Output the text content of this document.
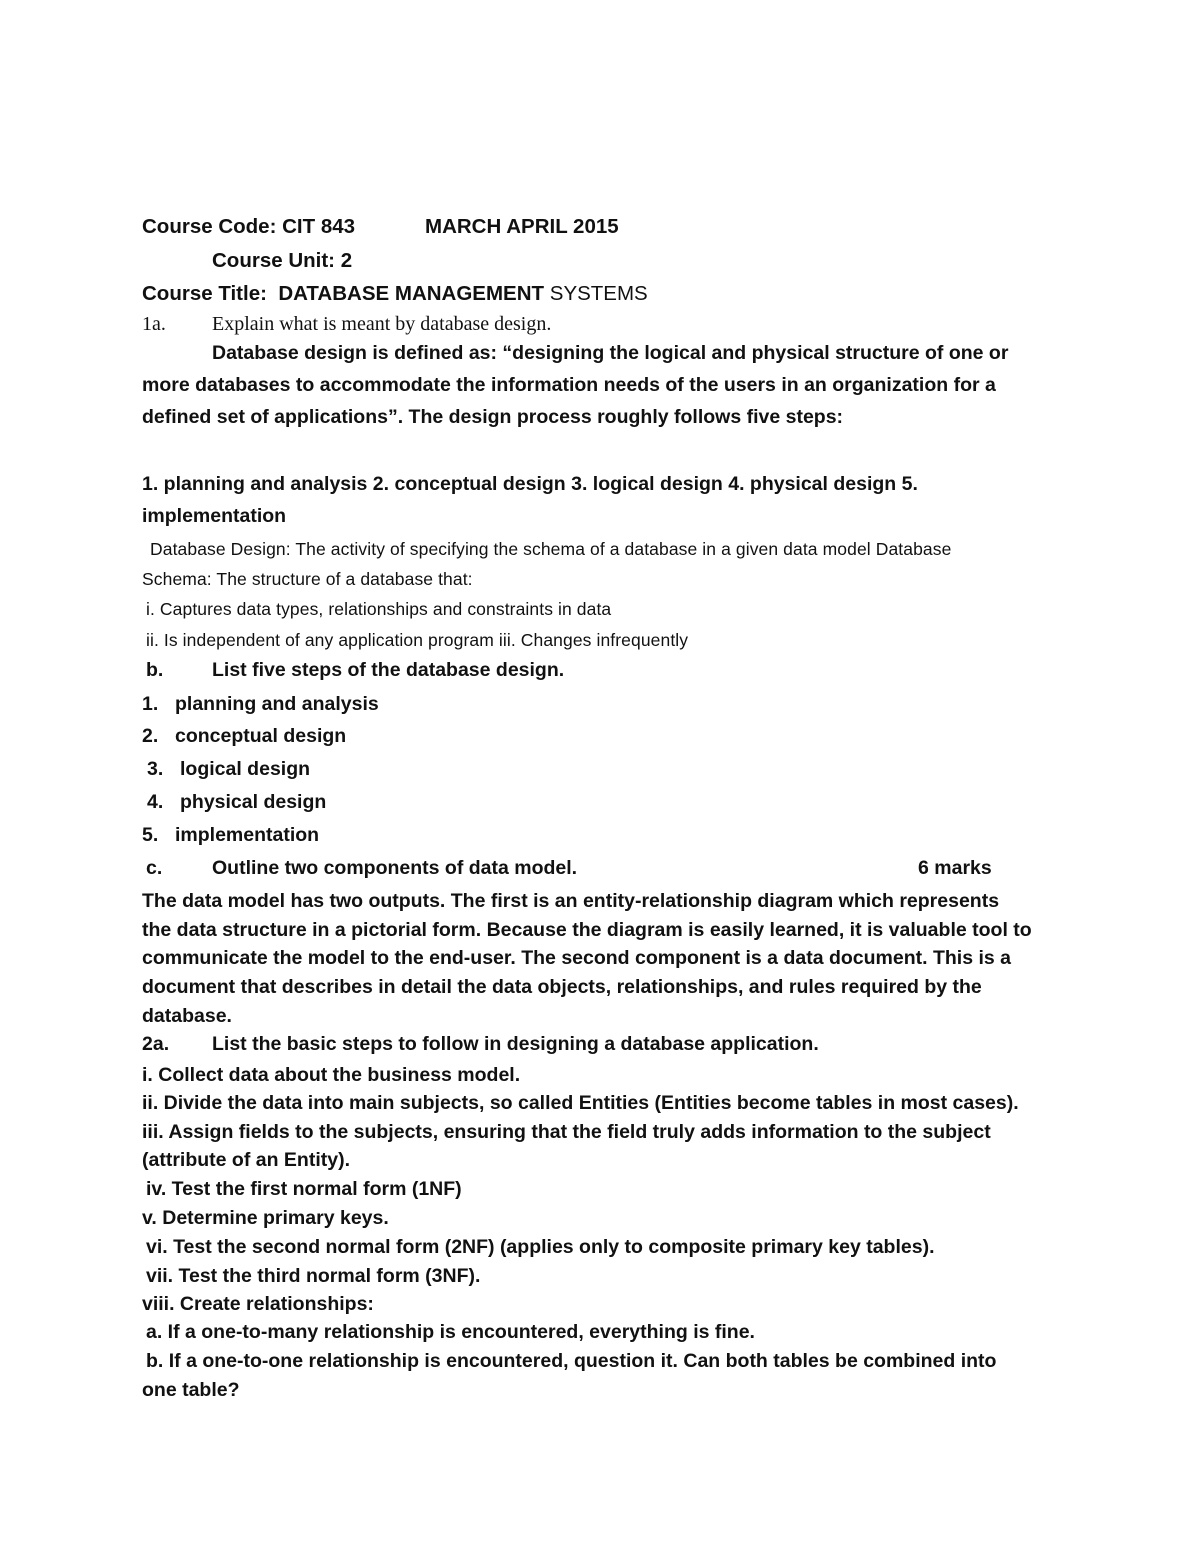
Course Code: CIT 843	MARCH APRIL 2015
Course Unit: 2
Course Title: DATABASE MANAGEMENT SYSTEMS
1a. Explain what is meant by database design.
Database design is defined as: “designing the logical and physical structure of one or
more databases to accommodate the information needs of the users in an organization for a
defined set of applications”. The design process roughly follows five steps:
1. planning and analysis 2. conceptual design 3. logical design 4. physical design 5.
implementation
Database Design: The activity of specifying the schema of a database in a given data model Database
Schema: The structure of a database that:
i. Captures data types, relationships and constraints in data
ii. Is independent of any application program iii. Changes infrequently
b. List five steps of the database design.
1. planning and analysis
2. conceptual design
3. logical design
4. physical design
5. implementation
c.	Outline two components of data model.	6 marks
The data model has two outputs. The first is an entity-relationship diagram which represents
the data structure in a pictorial form. Because the diagram is easily learned, it is valuable tool to
communicate the model to the end-user. The second component is a data document. This is a
document that describes in detail the data objects, relationships, and rules required by the
database.
2a. List the basic steps to follow in designing a database application.
i. Collect data about the business model.
ii. Divide the data into main subjects, so called Entities (Entities become tables in most cases).
iii. Assign fields to the subjects, ensuring that the field truly adds information to the subject
(attribute of an Entity).
iv. Test the first normal form (1NF)
v. Determine primary keys.
vi. Test the second normal form (2NF) (applies only to composite primary key tables).
vii. Test the third normal form (3NF).
viii. Create relationships:
a. If a one-to-many relationship is encountered, everything is fine.
b. If a one-to-one relationship is encountered, question it. Can both tables be combined into
one table?
